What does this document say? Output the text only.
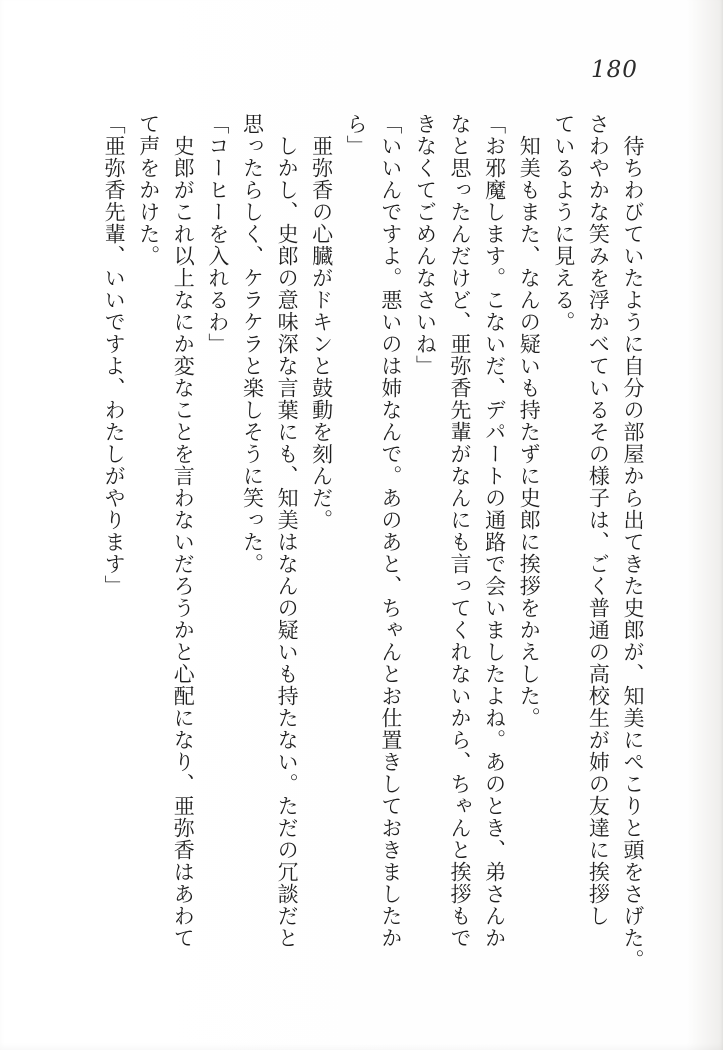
180

　待ちわびていたように自分の部屋から出てきた史郎が、知美にぺこりと頭をさげた。

さわやかな笑みを浮かべているその様子は、ごく普通の高校生が姉の友達に挨拶し

ているように見える。

　知美もまた、なんの疑いも持たずに史郎に挨拶をかえした。

「お邪魔します。こないだ、デパートの通路で会いましたよね。あのとき、弟さんか

なと思ったんだけど、亜弥香先輩がなんにも言ってくれないから、ちゃんと挨拶もで

きなくてごめんなさいね」

「いいんですよ。悪いのは姉なんで。あのあと、ちゃんとお仕置きしておきましたか

ら」

　亜弥香の心臓がドキンと鼓動を刻んだ。

　しかし、史郎の意味深な言葉にも、知美はなんの疑いも持たない。ただの冗談だと

思ったらしく、ケラケラと楽しそうに笑った。

「コーヒーを入れるわ」

　史郎がこれ以上なにか変なことを言わないだろうかと心配になり、亜弥香はあわて

て声をかけた。

「亜弥香先輩、いいですよ、わたしがやります」
